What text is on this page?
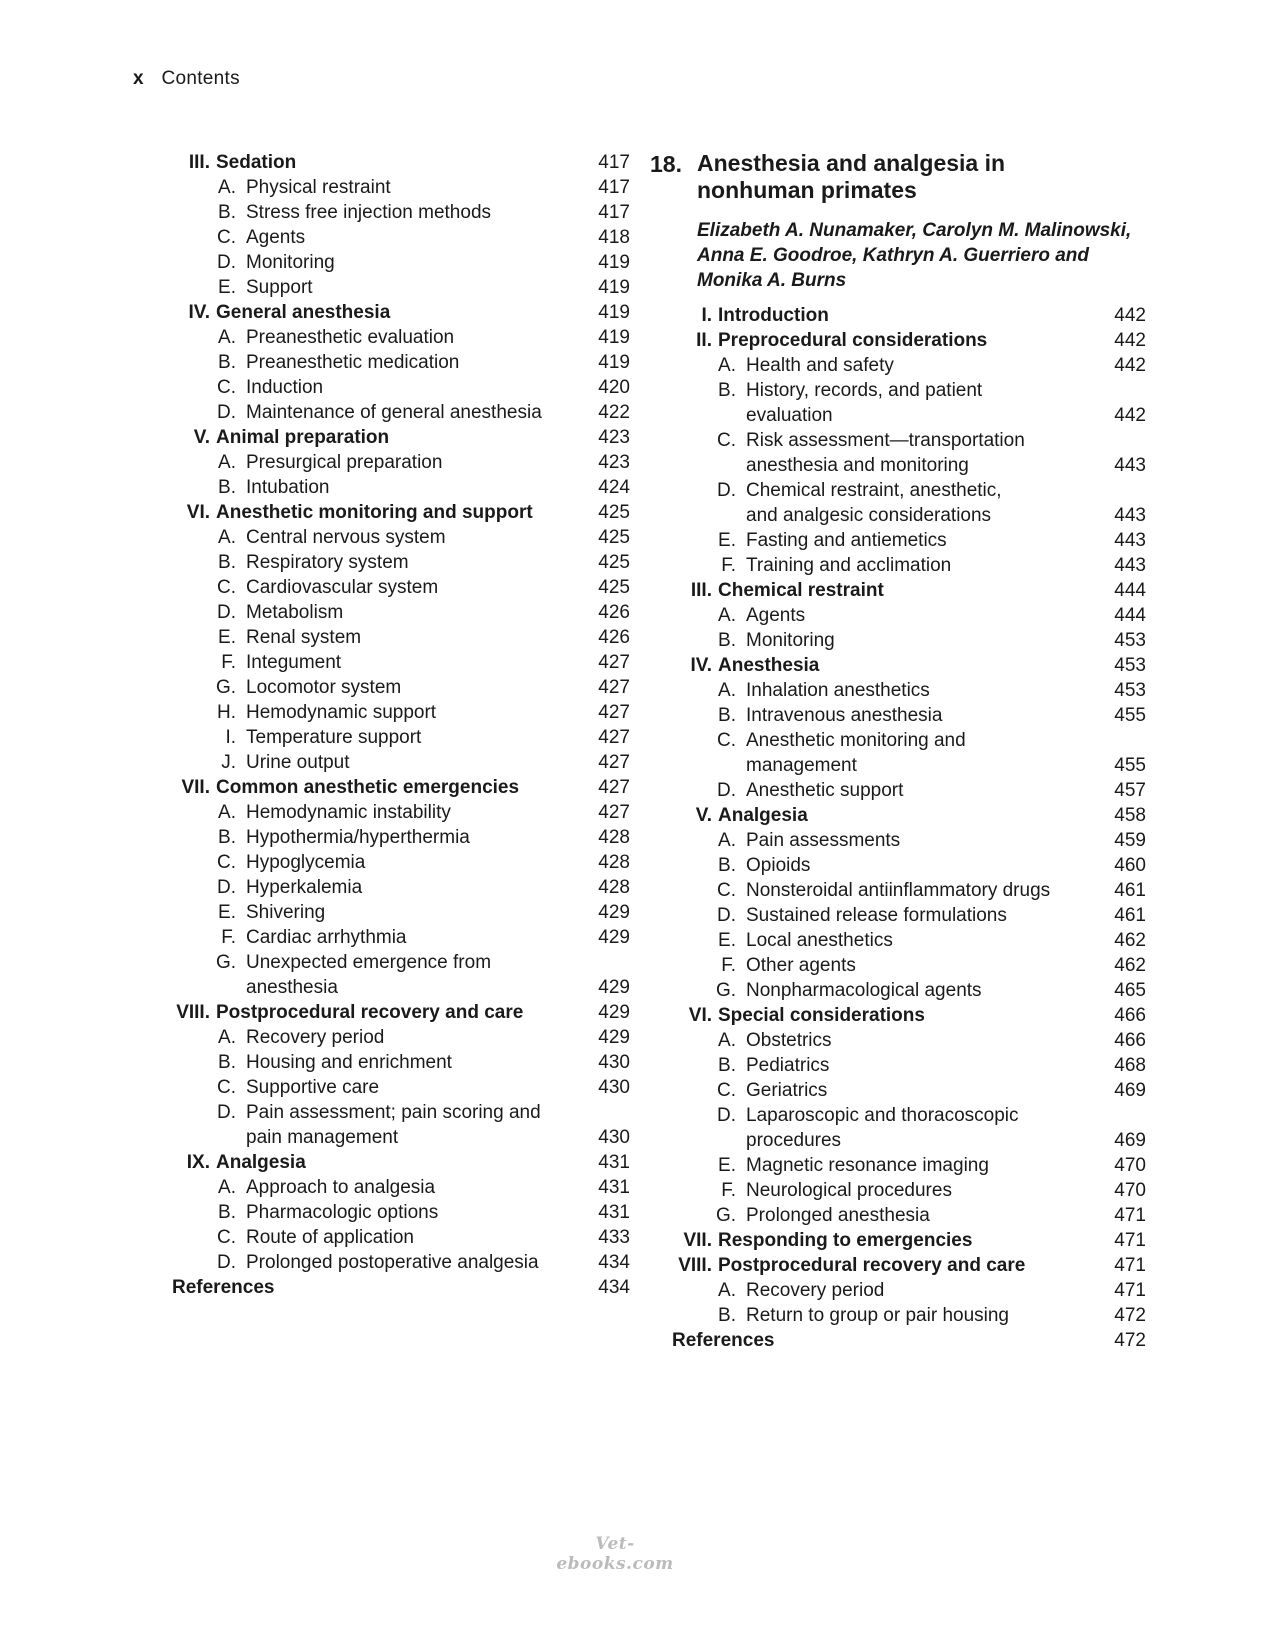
x Contents
III. Sedation	417
A. Physical restraint	417
B. Stress free injection methods	417
C. Agents	418
D. Monitoring	419
E. Support	419
IV. General anesthesia	419
A. Preanesthetic evaluation	419
B. Preanesthetic medication	419
C. Induction	420
D. Maintenance of general anesthesia	422
V. Animal preparation	423
A. Presurgical preparation	423
B. Intubation	424
VI. Anesthetic monitoring and support	425
A. Central nervous system	425
B. Respiratory system	425
C. Cardiovascular system	425
D. Metabolism	426
E. Renal system	426
F. Integument	427
G. Locomotor system	427
H. Hemodynamic support	427
I. Temperature support	427
J. Urine output	427
VII. Common anesthetic emergencies	427
A. Hemodynamic instability	427
B. Hypothermia/hyperthermia	428
C. Hypoglycemia	428
D. Hyperkalemia	428
E. Shivering	429
F. Cardiac arrhythmia	429
G. Unexpected emergence from
anesthesia	429
VIII. Postprocedural recovery and care	429
A. Recovery period	429
B. Housing and enrichment	430
C. Supportive care	430
D. Pain assessment; pain scoring and
pain management	430
IX. Analgesia	431
A. Approach to analgesia	431
B. Pharmacologic options	431
C. Route of application	433
D. Prolonged postoperative analgesia	434
References	434
18. Anesthesia and analgesia in nonhuman primates
Elizabeth A. Nunamaker, Carolyn M. Malinowski, Anna E. Goodroe, Kathryn A. Guerriero and Monika A. Burns
I. Introduction	442
II. Preprocedural considerations	442
A. Health and safety	442
B. History, records, and patient
evaluation	442
C. Risk assessment—transportation
anesthesia and monitoring	443
D. Chemical restraint, anesthetic,
and analgesic considerations	443
E. Fasting and antiemetics	443
F. Training and acclimation	443
III. Chemical restraint	444
A. Agents	444
B. Monitoring	453
IV. Anesthesia	453
A. Inhalation anesthetics	453
B. Intravenous anesthesia	455
C. Anesthetic monitoring and
management	455
D. Anesthetic support	457
V. Analgesia	458
A. Pain assessments	459
B. Opioids	460
C. Nonsteroidal antiinflammatory drugs	461
D. Sustained release formulations	461
E. Local anesthetics	462
F. Other agents	462
G. Nonpharmacological agents	465
VI. Special considerations	466
A. Obstetrics	466
B. Pediatrics	468
C. Geriatrics	469
D. Laparoscopic and thoracoscopic
procedures	469
E. Magnetic resonance imaging	470
F. Neurological procedures	470
G. Prolonged anesthesia	471
VII. Responding to emergencies	471
VIII. Postprocedural recovery and care	471
A. Recovery period	471
B. Return to group or pair housing	472
References	472
Vet-ebooks.com
